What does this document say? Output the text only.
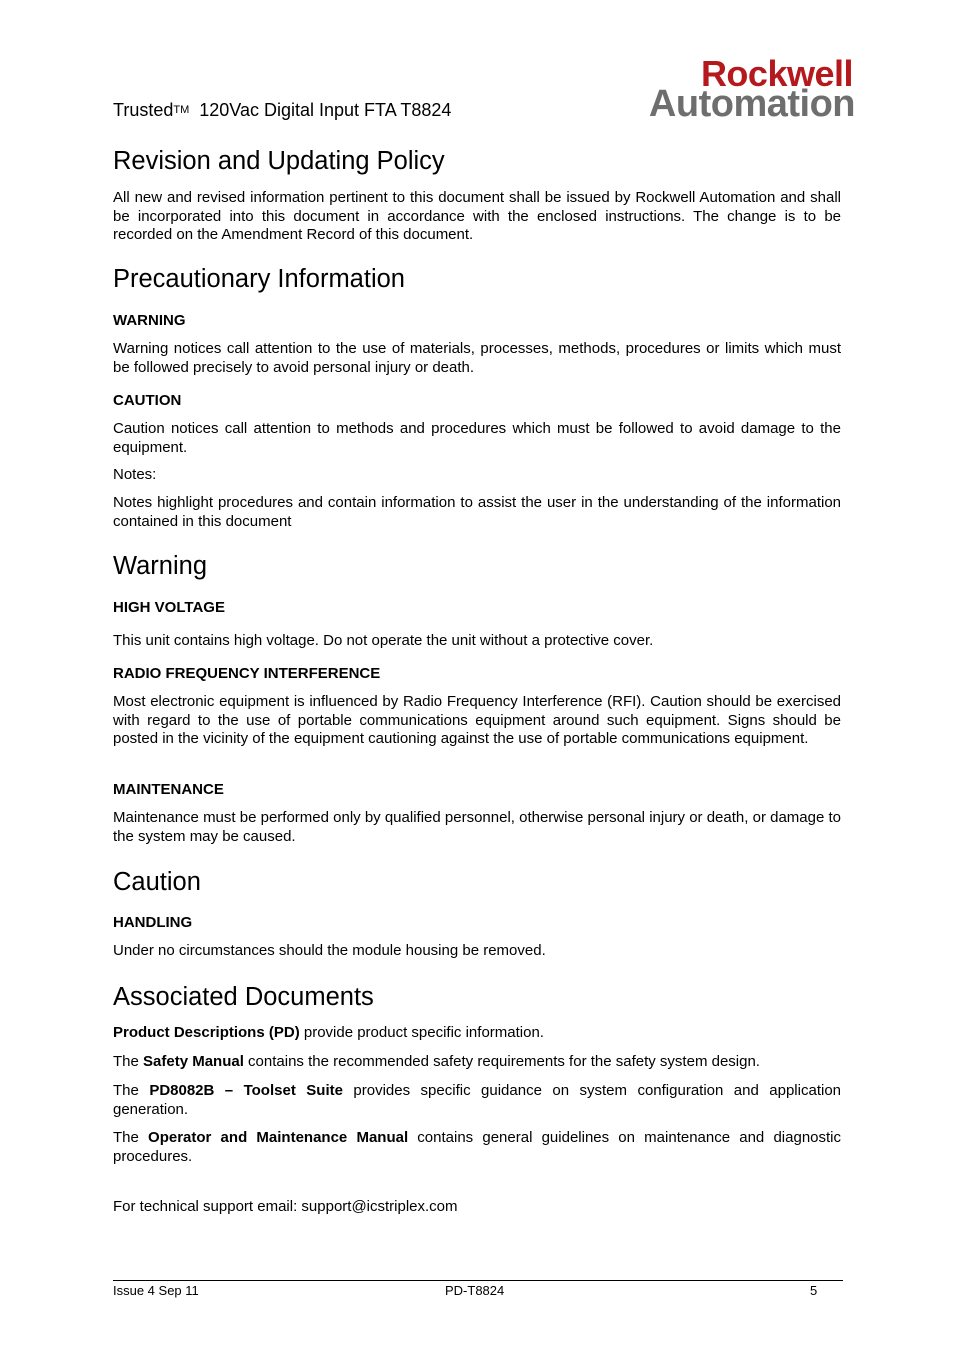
Trusted™ 120Vac Digital Input FTA T8824
Rockwell
Automation
Revision and Updating Policy

All new and revised information pertinent to this document shall be issued by Rockwell Automation and shall be incorporated into this document in accordance with the enclosed instructions. The change is to be recorded on the Amendment Record of this document.

Precautionary Information
WARNING

Warning notices call attention to the use of materials, processes, methods, procedures or limits which must be followed precisely to avoid personal injury or death.

CAUTION

Caution notices call attention to methods and procedures which must be followed to avoid damage to the equipment.

Notes:

Notes highlight procedures and contain information to assist the user in the understanding of the information contained in this document

Warning
HIGH VOLTAGE

This unit contains high voltage. Do not operate the unit without a protective cover.

RADIO FREQUENCY INTERFERENCE

Most electronic equipment is influenced by Radio Frequency Interference (RFI). Caution should be exercised with regard to the use of portable communications equipment around such equipment. Signs should be posted in the vicinity of the equipment cautioning against the use of portable communications equipment.

MAINTENANCE

Maintenance must be performed only by qualified personnel, otherwise personal injury or death, or damage to the system may be caused.

Caution
HANDLING

Under no circumstances should the module housing be removed.

Associated Documents

Product Descriptions (PD) provide product specific information.

The Safety Manual contains the recommended safety requirements for the safety system design.

The PD8082B – Toolset Suite provides specific guidance on system configuration and application generation.

The Operator and Maintenance Manual contains general guidelines on maintenance and diagnostic procedures.

For technical support email: support@icstriplex.com

Issue 4 Sep 11	PD-T8824	5
